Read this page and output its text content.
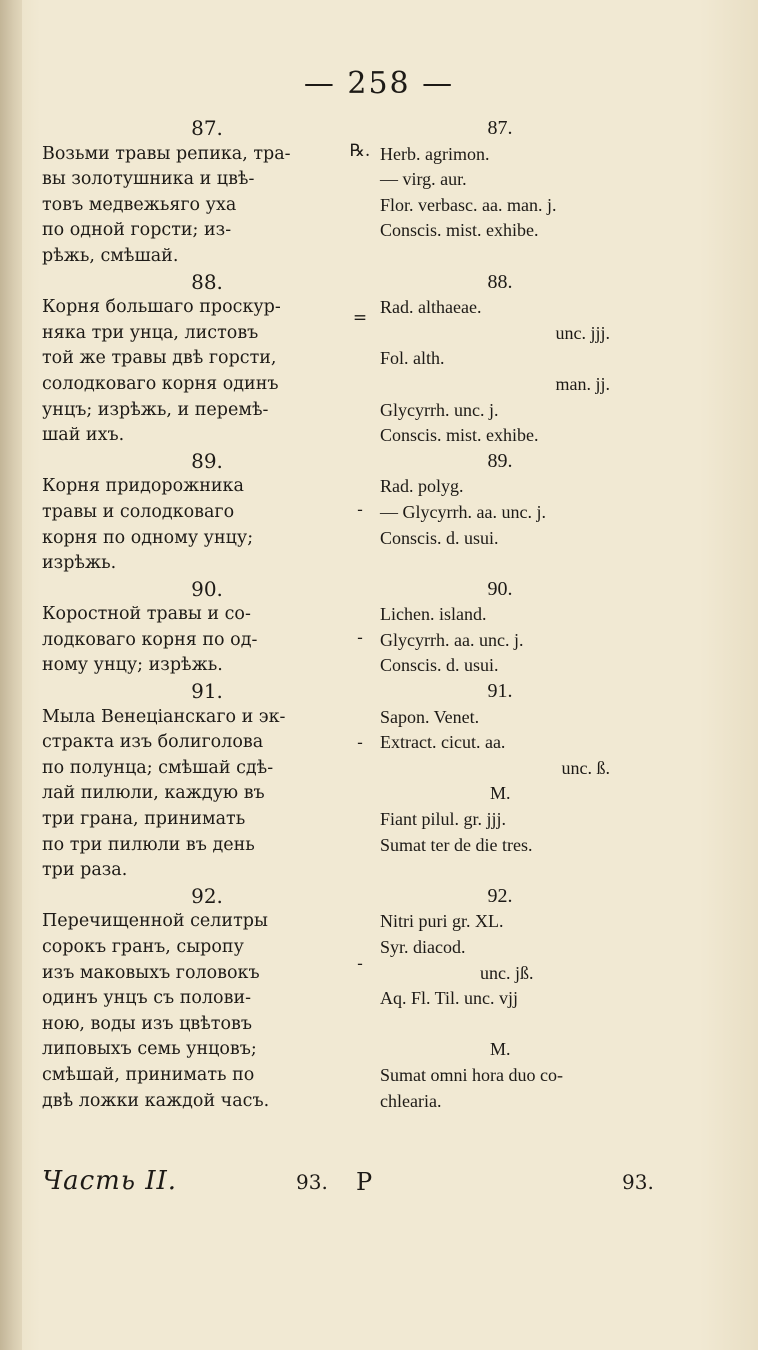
— 258 —
87.
Возьми травы репика, тра-
вы золотушника и цвѣ-
товъ медвежьяго уха
по одной горсти; из-
рѣжь, смѣшай.
88.
Корня большаго проскур-
няка три унца, листовъ
той же травы двѣ горсти,
солодковаго корня одинъ
унцъ; изрѣжь, и перемѣ-
шай ихъ.
89.
Корня придорожника
травы и солодковаго
корня по одному унцу;
изрѣжь.
90.
Коростной травы и со-
лодковаго корня по од-
ному унцу; изрѣжь.
91.
Мыла Венеціанскаго и эк-
стракта изъ болиголова
по полунца; смѣшай сдѣ-
лай пилюли, каждую въ
три грана, принимать
по три пилюли въ день
три раза.
92.
Перечищенной селитры
сорокъ гранъ, сыропу
изъ маковыхъ головокъ
одинъ унцъ съ полови-
ною, воды изъ цвѣтовъ
липовыхъ семь унцовъ;
смѣшай, принимать по
двѣ ложки каждой часъ.
87.
Herb. agrimon.
— virg. aur.
Flor. verbasc. aa. man. j.
Conscis. mist. exhibe.
88.
Rad. althaeae.
unc. jjj.
Fol. alth.
man. jj.
Glycyrrh. unc. j.
Conscis. mist. exhibe.
89.
Rad. polyg.
— Glycyrrh. aa. unc. j.
Conscis. d. usui.
90.
Lichen. island.
Glycyrrh. aa. unc. j.
Conscis. d. usui.
91.
Sapon. Venet.
Extract. cicut. aa.
unc. ß.
M.
Fiant pilul. gr. jjj.
Sumat ter de die tres.
92.
Nitri puri gr. XL.
Syr. diacod.
unc. jß.
Aq. Fl. Til. unc. vjj
M.
Sumat omni hora duo co-
chlearia.
℞.
=
-
-
-
-
Часть II.	93. P	93.
